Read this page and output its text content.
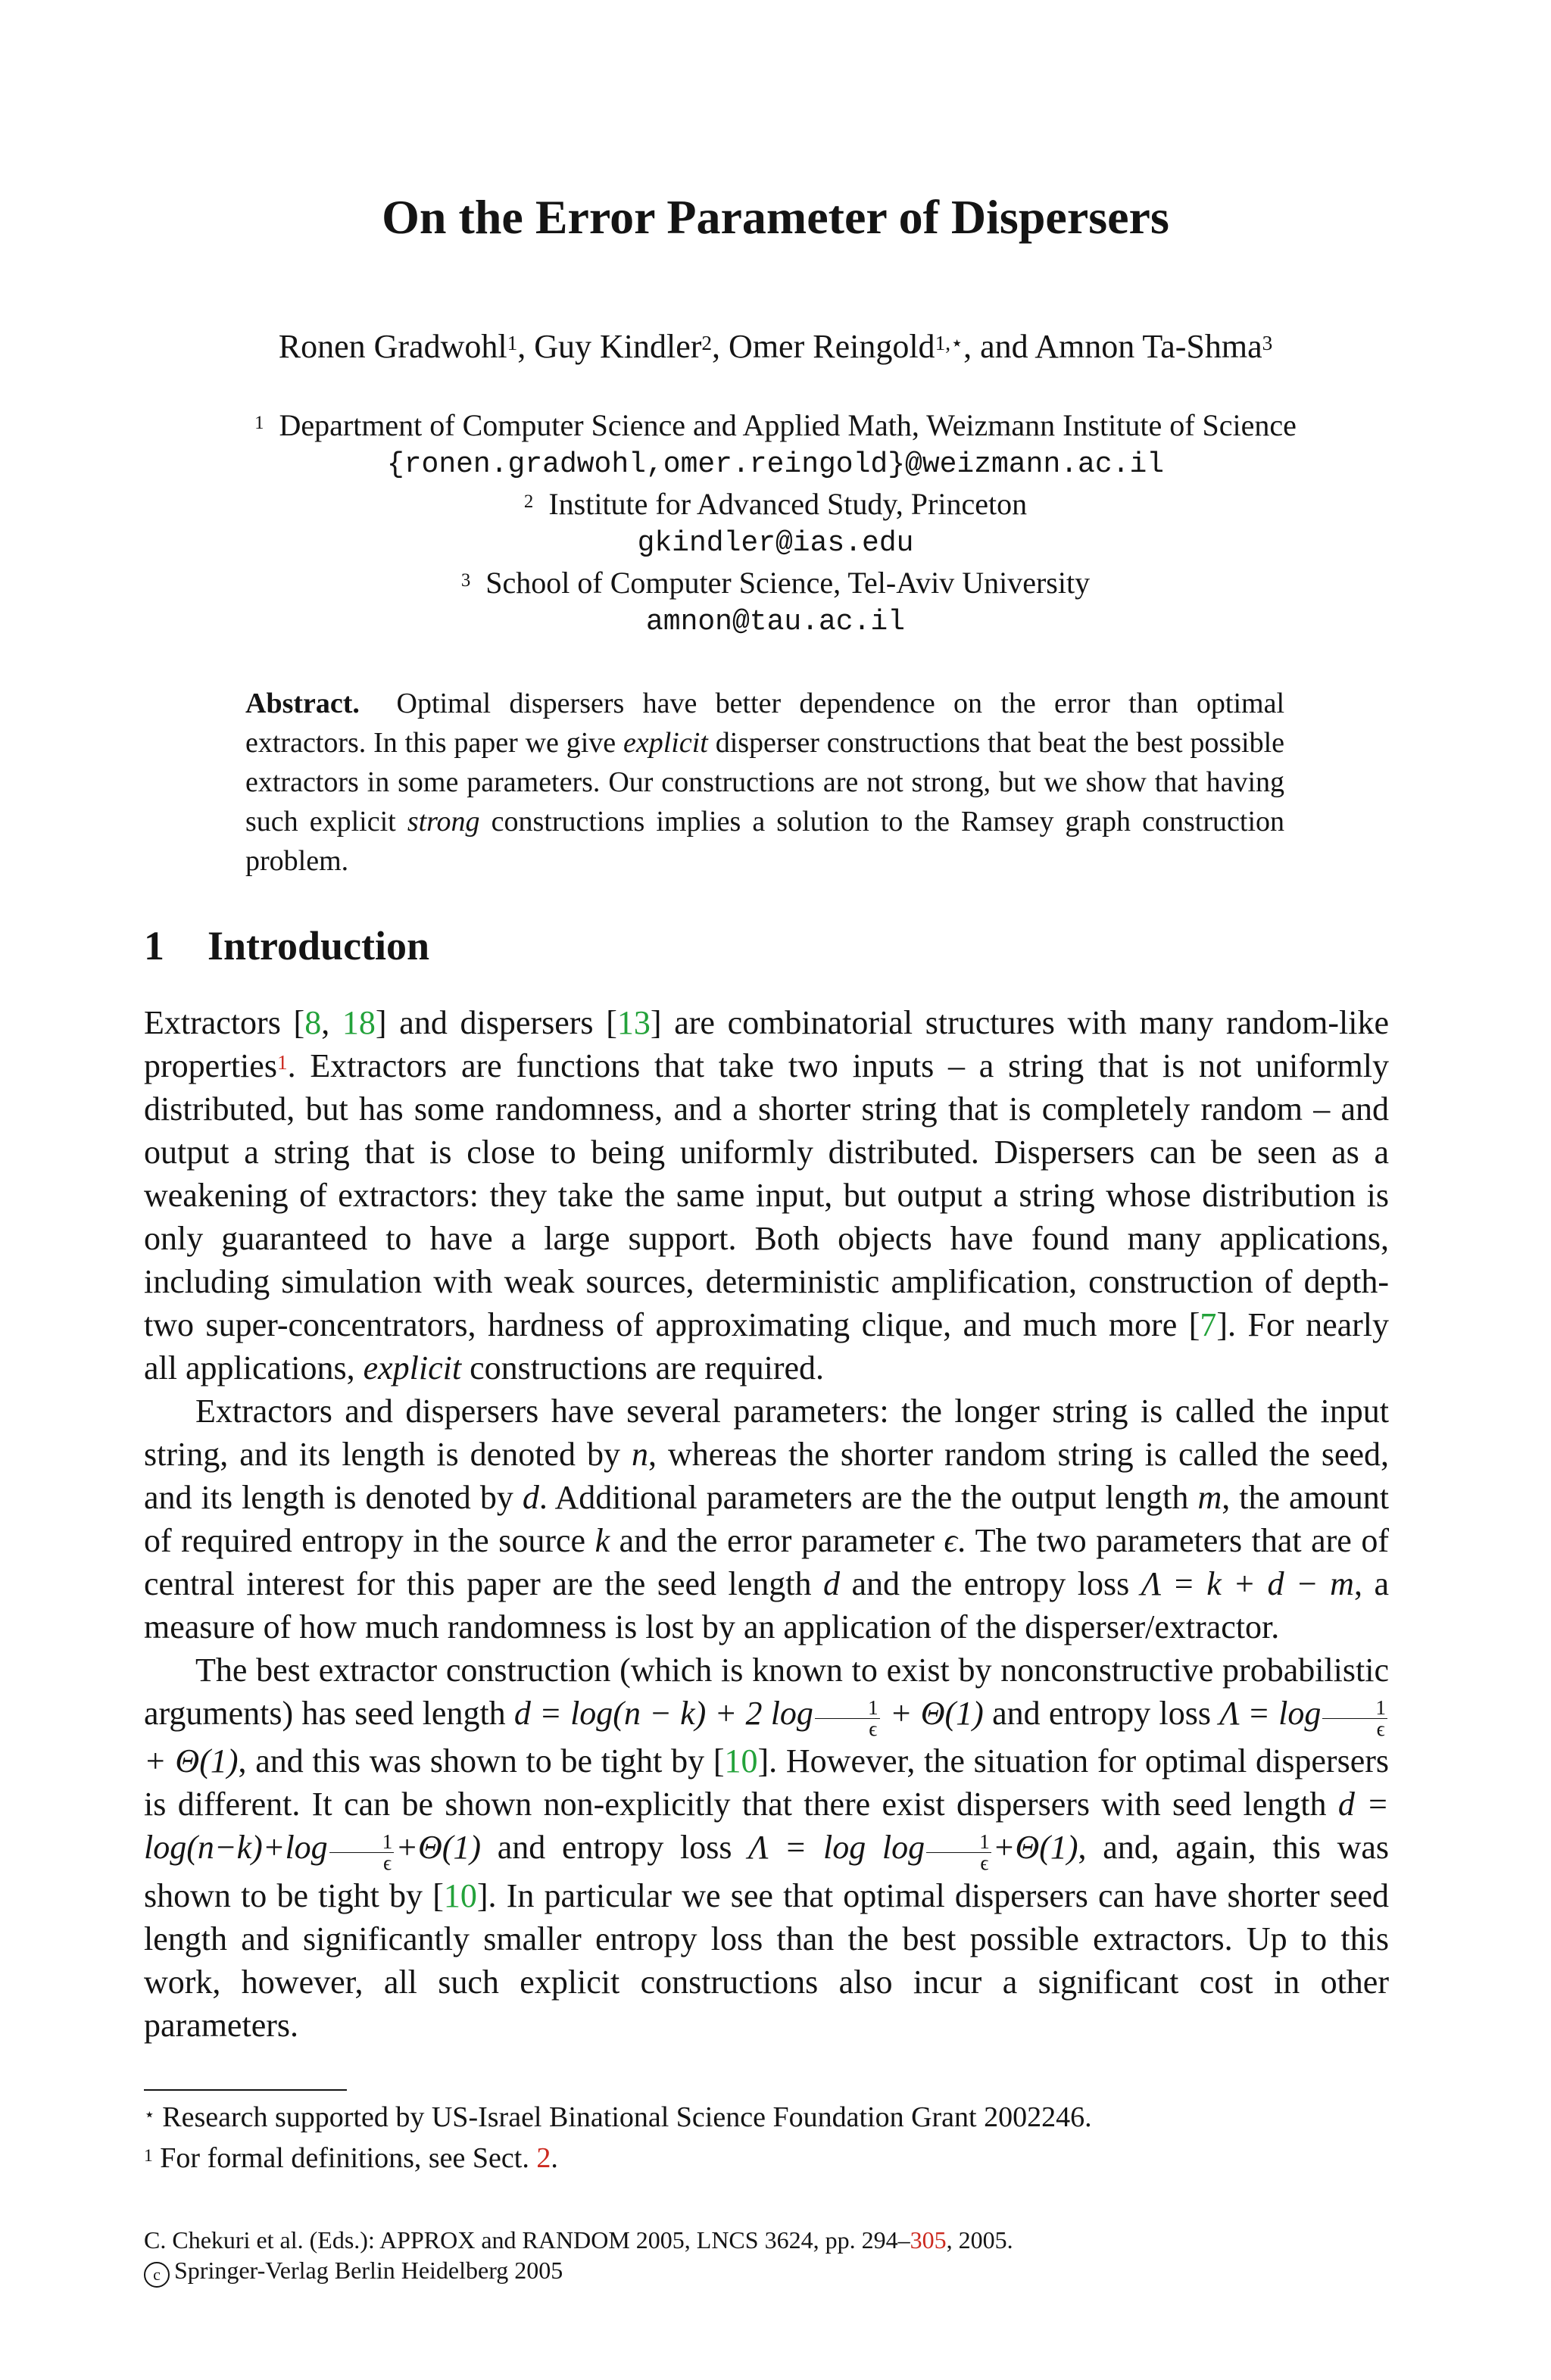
On the Error Parameter of Dispersers
Ronen Gradwohl$^1$, Guy Kindler$^2$, Omer Reingold$^{1,⋆}$, and Amnon Ta-Shma$^3$
$^1$ Department of Computer Science and Applied Math, Weizmann Institute of Science
{ronen.gradwohl,omer.reingold}@weizmann.ac.il
$^2$ Institute for Advanced Study, Princeton
gkindler@ias.edu
$^3$ School of Computer Science, Tel-Aviv University
amnon@tau.ac.il
Abstract. Optimal dispersers have better dependence on the error than optimal extractors. In this paper we give explicit disperser constructions that beat the best possible extractors in some parameters. Our constructions are not strong, but we show that having such explicit strong constructions implies a solution to the Ramsey graph construction problem.
1 Introduction

Extractors [8, 18] and dispersers [13] are combinatorial structures with many random-like properties$^1$. Extractors are functions that take two inputs – a string that is not uniformly distributed, but has some randomness, and a shorter string that is completely random – and output a string that is close to being uniformly distributed. Dispersers can be seen as a weakening of extractors: they take the same input, but output a string whose distribution is only guaranteed to have a large support. Both objects have found many applications, including simulation with weak sources, deterministic amplification, construction of depth-two super-concentrators, hardness of approximating clique, and much more [7]. For nearly all applications, explicit constructions are required.

Extractors and dispersers have several parameters: the longer string is called the input string, and its length is denoted by n, whereas the shorter random string is called the seed, and its length is denoted by d. Additional parameters are the the output length m, the amount of required entropy in the source k and the error parameter ϵ. The two parameters that are of central interest for this paper are the seed length d and the entropy loss Λ = k + d − m, a measure of how much randomness is lost by an application of the disperser/extractor.

The best extractor construction (which is known to exist by nonconstructive probabilistic arguments) has seed length d = log(n − k) + 2 $\log \frac{1}{\epsilon} + \Theta(1)$ and entropy loss $\Lambda = \log \frac{1}{\epsilon}$
+ Θ(1), and this was shown to be tight by [10]. However, the situation for optimal dispersers is different. It can be shown non-explicitly that there exist dispersers with seed length $d = \log(n-k)+\log \frac{1}{\epsilon} +\Theta(1)$ and entropy loss $\Lambda = \log \log \frac{1}{\epsilon} +\Theta(1)$, and, again, this was shown to be tight by [10]. In particular we see that optimal dispersers can have shorter seed length and significantly smaller entropy loss than the best possible extractors. Up to this work, however, all such explicit constructions also incur a significant cost in other parameters.

⋆ Research supported by US-Israel Binational Science Foundation Grant 2002246.
$^1$ For formal definitions, see Sect. 2.
C. Chekuri et al. (Eds.): APPROX and RANDOM 2005, LNCS 3624, pp. 294–305, 2005.
c Springer-Verlag Berlin Heidelberg 2005
